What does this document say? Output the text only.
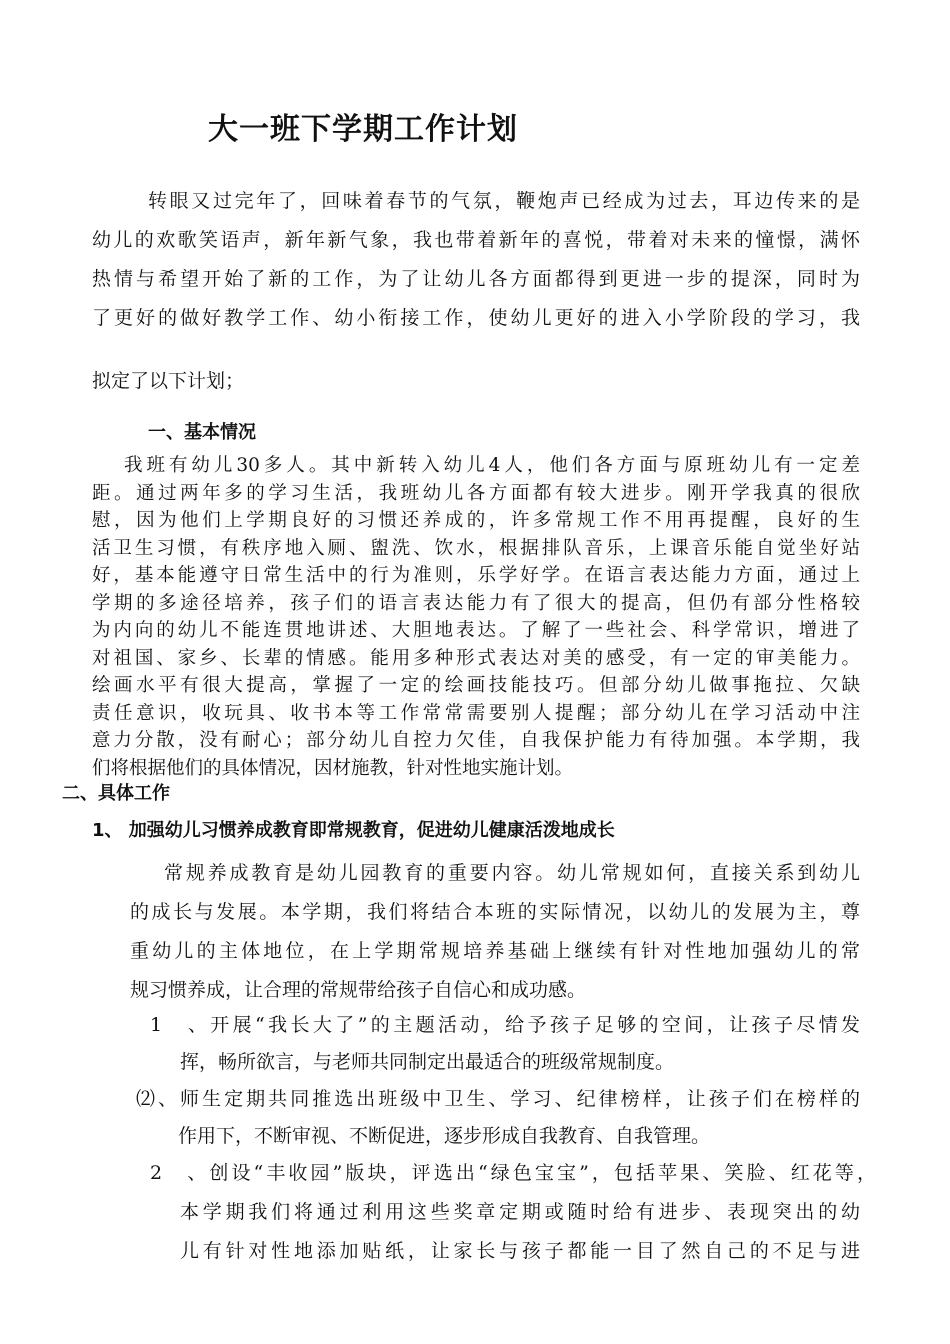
大一班下学期工作计划
转眼又过完年了，回味着春节的气氛，鞭炮声已经成为过去，耳边传来的是
幼儿的欢歌笑语声，新年新气象，我也带着新年的喜悦，带着对未来的憧憬，满怀
热情与希望开始了新的工作，为了让幼儿各方面都得到更进一步的提深，同时为
了更好的做好教学工作、幼小衔接工作，使幼儿更好的进入小学阶段的学习，我
拟定了以下计划；
一、基本情况
我班有幼儿30多人。其中新转入幼儿4人，他们各方面与原班幼儿有一定差
距。通过两年多的学习生活，我班幼儿各方面都有较大进步。刚开学我真的很欣
慰，因为他们上学期良好的习惯还养成的，许多常规工作不用再提醒，良好的生
活卫生习惯，有秩序地入厕、盥洗、饮水，根据排队音乐，上课音乐能自觉坐好站
好，基本能遵守日常生活中的行为准则，乐学好学。在语言表达能力方面，通过上
学期的多途径培养，孩子们的语言表达能力有了很大的提高，但仍有部分性格较
为内向的幼儿不能连贯地讲述、大胆地表达。了解了一些社会、科学常识，增进了
对祖国、家乡、长辈的情感。能用多种形式表达对美的感受，有一定的审美能力。
绘画水平有很大提高，掌握了一定的绘画技能技巧。但部分幼儿做事拖拉、欠缺
责任意识，收玩具、收书本等工作常常需要别人提醒；部分幼儿在学习活动中注
意力分散，没有耐心；部分幼儿自控力欠佳，自我保护能力有待加强。本学期，我
们将根据他们的具体情况，因材施教，针对性地实施计划。
二、具体工作
1、 加强幼儿习惯养成教育即常规教育，促进幼儿健康活泼地成长
常规养成教育是幼儿园教育的重要内容。幼儿常规如何，直接关系到幼儿
的成长与发展。本学期，我们将结合本班的实际情况，以幼儿的发展为主，尊
重幼儿的主体地位，在上学期常规培养基础上继续有针对性地加强幼儿的常
规习惯养成，让合理的常规带给孩子自信心和成功感。
1　、开展“我长大了”的主题活动，给予孩子足够的空间，让孩子尽情发
挥，畅所欲言，与老师共同制定出最适合的班级常规制度。
⑵、师生定期共同推选出班级中卫生、学习、纪律榜样，让孩子们在榜样的
作用下，不断审视、不断促进，逐步形成自我教育、自我管理。
2　、创设“丰收园”版块，评选出“绿色宝宝”，包括苹果、笑脸、红花等，
本学期我们将通过利用这些奖章定期或随时给有进步、表现突出的幼
儿有针对性地添加贴纸，让家长与孩子都能一目了然自己的不足与进
